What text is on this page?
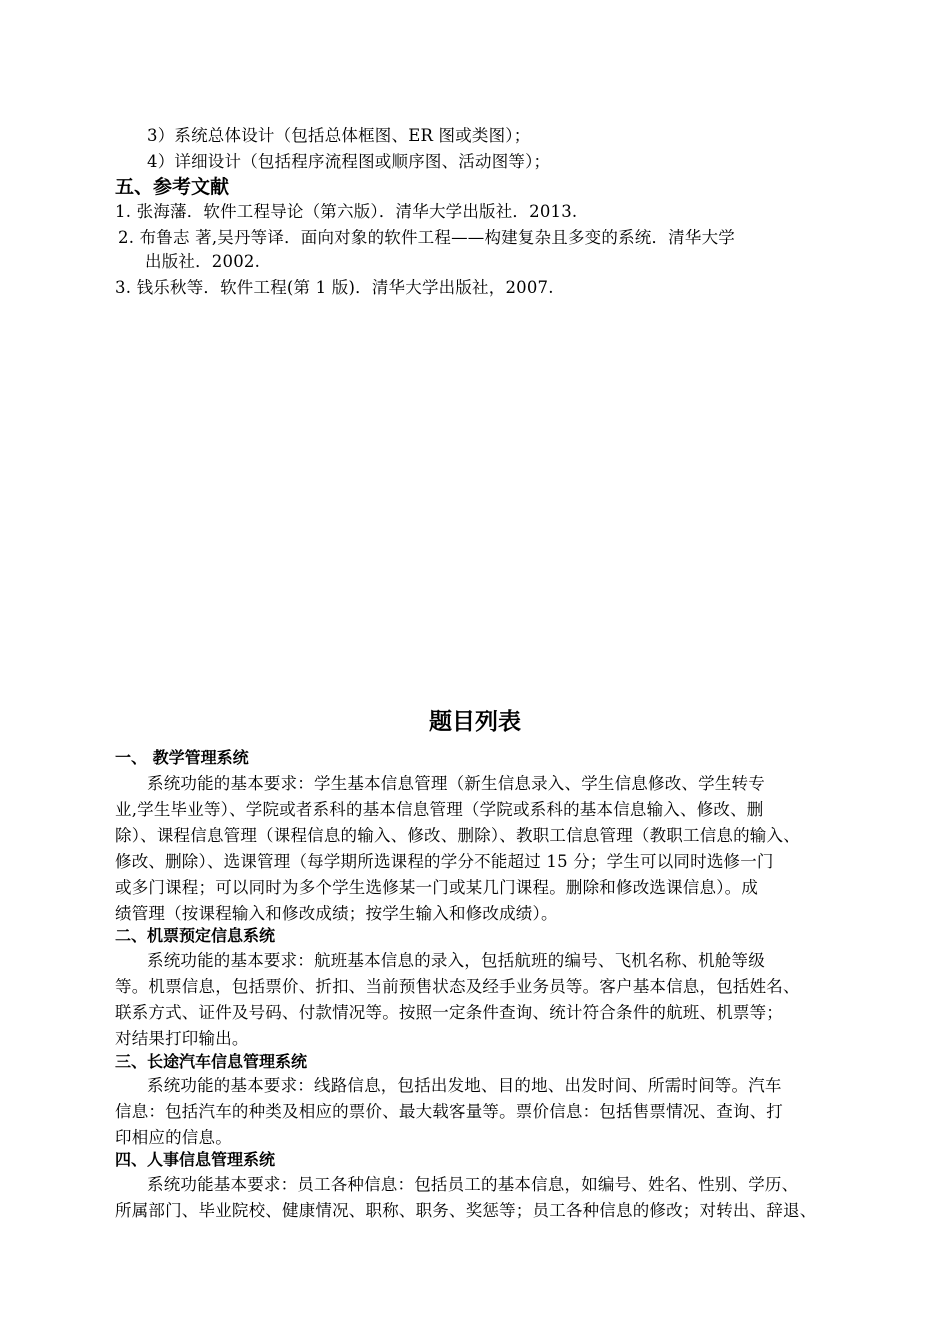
3）系统总体设计（包括总体框图、ER 图或类图）；
4）详细设计（包括程序流程图或顺序图、活动图等）；
五、参考文献
1. 张海藩．软件工程导论（第六版）．清华大学出版社．2013.
2. 布鲁志 著,吴丹等译．面向对象的软件工程——构建复杂且多变的系统．清华大学
出版社．2002.
3. 钱乐秋等．软件工程(第 1 版)．清华大学出版社，2007.
题目列表
一、 教学管理系统
系统功能的基本要求：学生基本信息管理（新生信息录入、学生信息修改、学生转专
业,学生毕业等）、学院或者系科的基本信息管理（学院或系科的基本信息输入、修改、删
除）、课程信息管理（课程信息的输入、修改、删除）、教职工信息管理（教职工信息的输入、
修改、删除）、选课管理（每学期所选课程的学分不能超过 15 分；学生可以同时选修一门
或多门课程；可以同时为多个学生选修某一门或某几门课程。删除和修改选课信息）。成
绩管理（按课程输入和修改成绩；按学生输入和修改成绩）。
二、机票预定信息系统
系统功能的基本要求：航班基本信息的录入，包括航班的编号、飞机名称、机舱等级
等。机票信息，包括票价、折扣、当前预售状态及经手业务员等。客户基本信息，包括姓名、
联系方式、证件及号码、付款情况等。按照一定条件查询、统计符合条件的航班、机票等；
对结果打印输出。
三、长途汽车信息管理系统
系统功能的基本要求：线路信息，包括出发地、目的地、出发时间、所需时间等。汽车
信息：包括汽车的种类及相应的票价、最大载客量等。票价信息：包括售票情况、查询、打
印相应的信息。
四、人事信息管理系统
系统功能基本要求：员工各种信息：包括员工的基本信息，如编号、姓名、性别、学历、
所属部门、毕业院校、健康情况、职称、职务、奖惩等；员工各种信息的修改；对转出、辞退、
